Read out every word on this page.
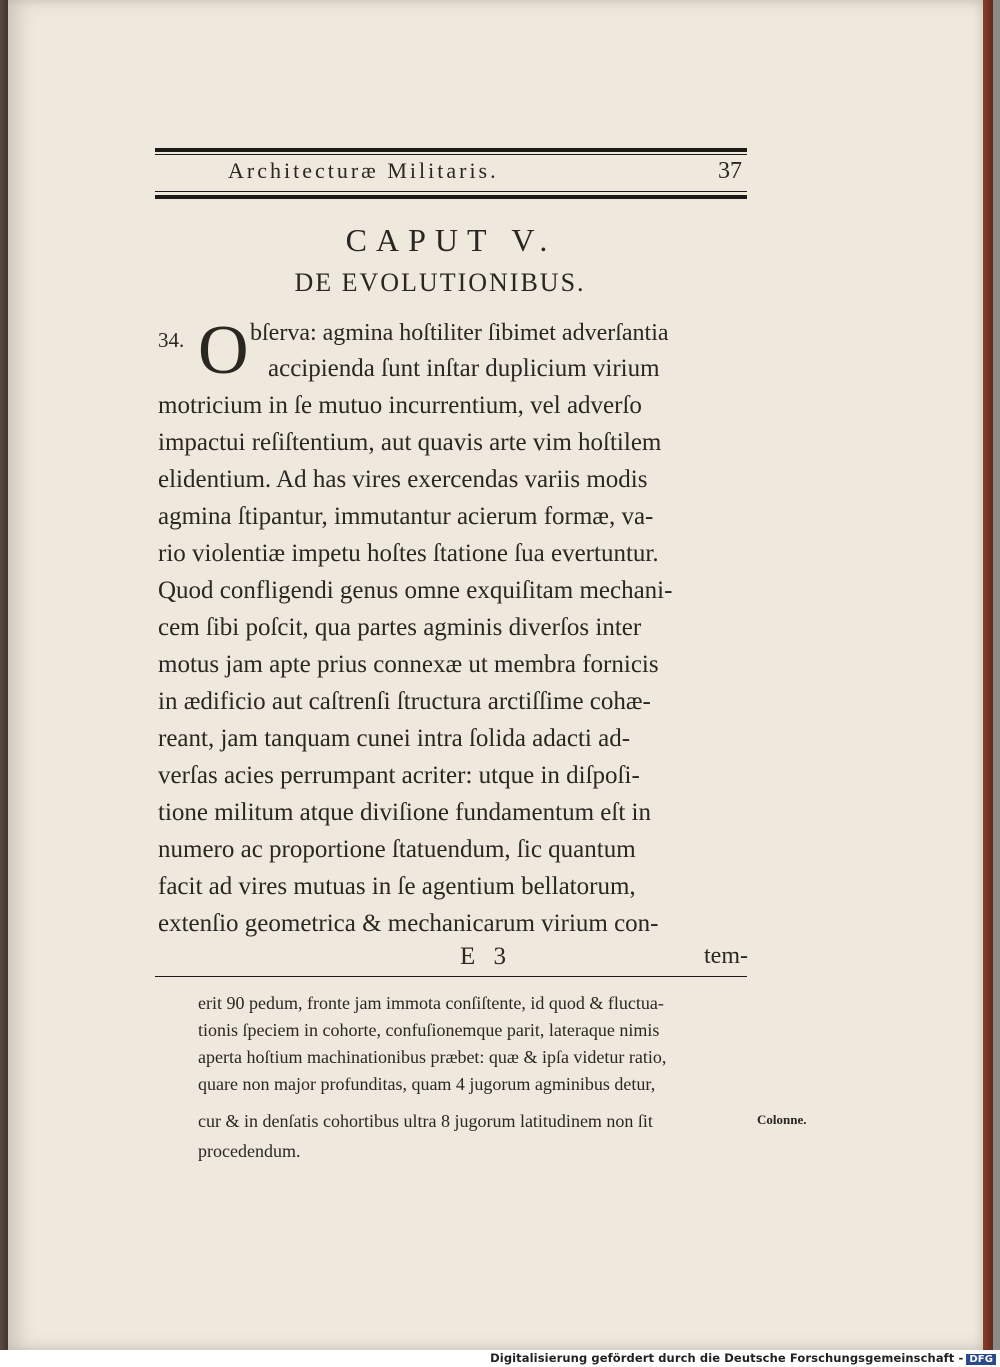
Architecturæ Militaris.	37
CAPUT V.
DE EVOLUTIONIBUS.
34. O bſerva: agmina hoſtiliter ſibimet adverſantia
accipienda ſunt inſtar duplicium virium
motricium in ſe mutuo incurrentium, vel adverſo
impactui reſiſtentium, aut quavis arte vim hoſtilem
elidentium. Ad has vires exercendas variis modis
agmina ſtipantur, immutantur acierum formæ, va-
rio violentiæ impetu hoſtes ſtatione ſua evertuntur.
Quod confligendi genus omne exquiſitam mechani-
cem ſibi poſcit, qua partes agminis diverſos inter
motus jam apte prius connexæ ut membra fornicis
in ædificio aut caſtrenſi ſtructura arctiſſime cohæ-
reant, jam tanquam cunei intra ſolida adacti ad-
verſas acies perrumpant acriter: utque in diſpoſi-
tione militum atque diviſione fundamentum eſt in
numero ac proportione ſtatuendum, ſic quantum
facit ad vires mutuas in ſe agentium bellatorum,
extenſio geometrica & mechanicarum virium con-
E 3	tem-
erit 90 pedum, fronte jam immota conſiſtente, id quod & fluctua-
tionis ſpeciem in cohorte, confuſionemque parit, lateraque nimis
aperta hoſtium machinationibus præbet: quæ & ipſa videtur ratio,
quare non major profunditas, quam 4 jugorum agminibus detur,
cur & in denſatis cohortibus ultra 8 jugorum latitudinem non ſit
procedendum.
Colonne.
Digitalisierung gefördert durch die Deutsche Forschungsgemeinschaft - DFG
